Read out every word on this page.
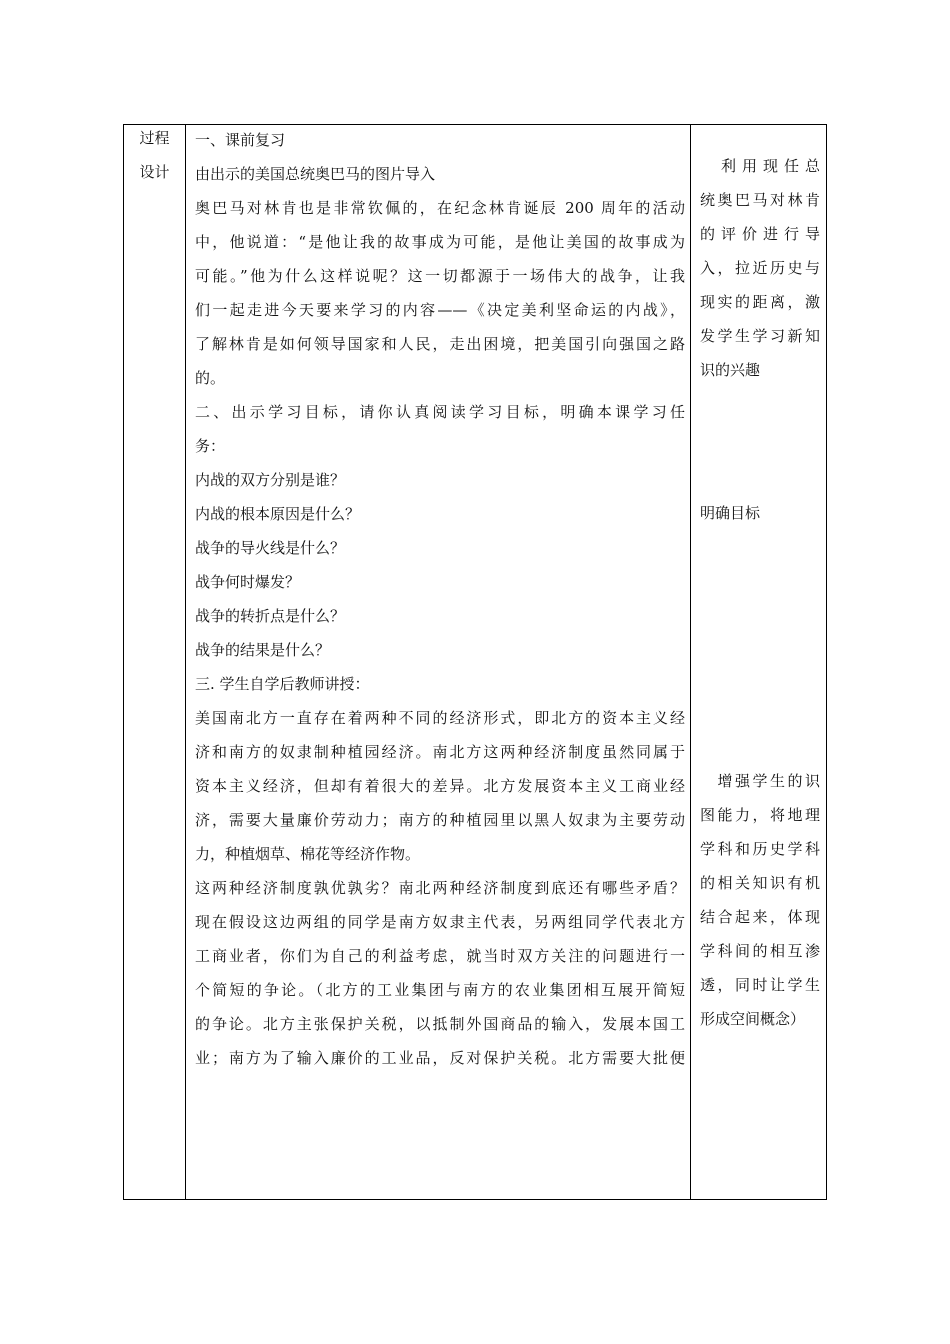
过程
设计
一、课前复习
由出示的美国总统奥巴马的图片导入
奥巴马对林肯也是非常钦佩的，在纪念林肯诞辰 200 周年的活动
中，他说道：“是他让我的故事成为可能，是他让美国的故事成为
可能。”他为什么这样说呢？这一切都源于一场伟大的战争，让我
们一起走进今天要来学习的内容——《决定美利坚命运的内战》，
了解林肯是如何领导国家和人民，走出困境，把美国引向强国之路
的。
二、出示学习目标，请你认真阅读学习目标，明确本课学习任
务：
内战的双方分别是谁？
内战的根本原因是什么？
战争的导火线是什么？
战争何时爆发？
战争的转折点是什么？
战争的结果是什么？
三. 学生自学后教师讲授：
美国南北方一直存在着两种不同的经济形式，即北方的资本主义经
济和南方的奴隶制种植园经济。南北方这两种经济制度虽然同属于
资本主义经济，但却有着很大的差异。北方发展资本主义工商业经
济，需要大量廉价劳动力；南方的种植园里以黑人奴隶为主要劳动
力，种植烟草、棉花等经济作物。
这两种经济制度孰优孰劣？南北两种经济制度到底还有哪些矛盾？
现在假设这边两组的同学是南方奴隶主代表，另两组同学代表北方
工商业者，你们为自己的利益考虑，就当时双方关注的问题进行一
个简短的争论。（北方的工业集团与南方的农业集团相互展开简短
的争论。北方主张保护关税，以抵制外国商品的输入，发展本国工
业；南方为了输入廉价的工业品，反对保护关税。北方需要大批便
　利用现任总
统奥巴马对林肯
的评价进行导
入，拉近历史与
现实的距离，激
发学生学习新知
识的兴趣
明确目标
　增强学生的识
图能力，将地理
学科和历史学科
的相关知识有机
结合起来，体现
学科间的相互渗
透，同时让学生
形成空间概念）
